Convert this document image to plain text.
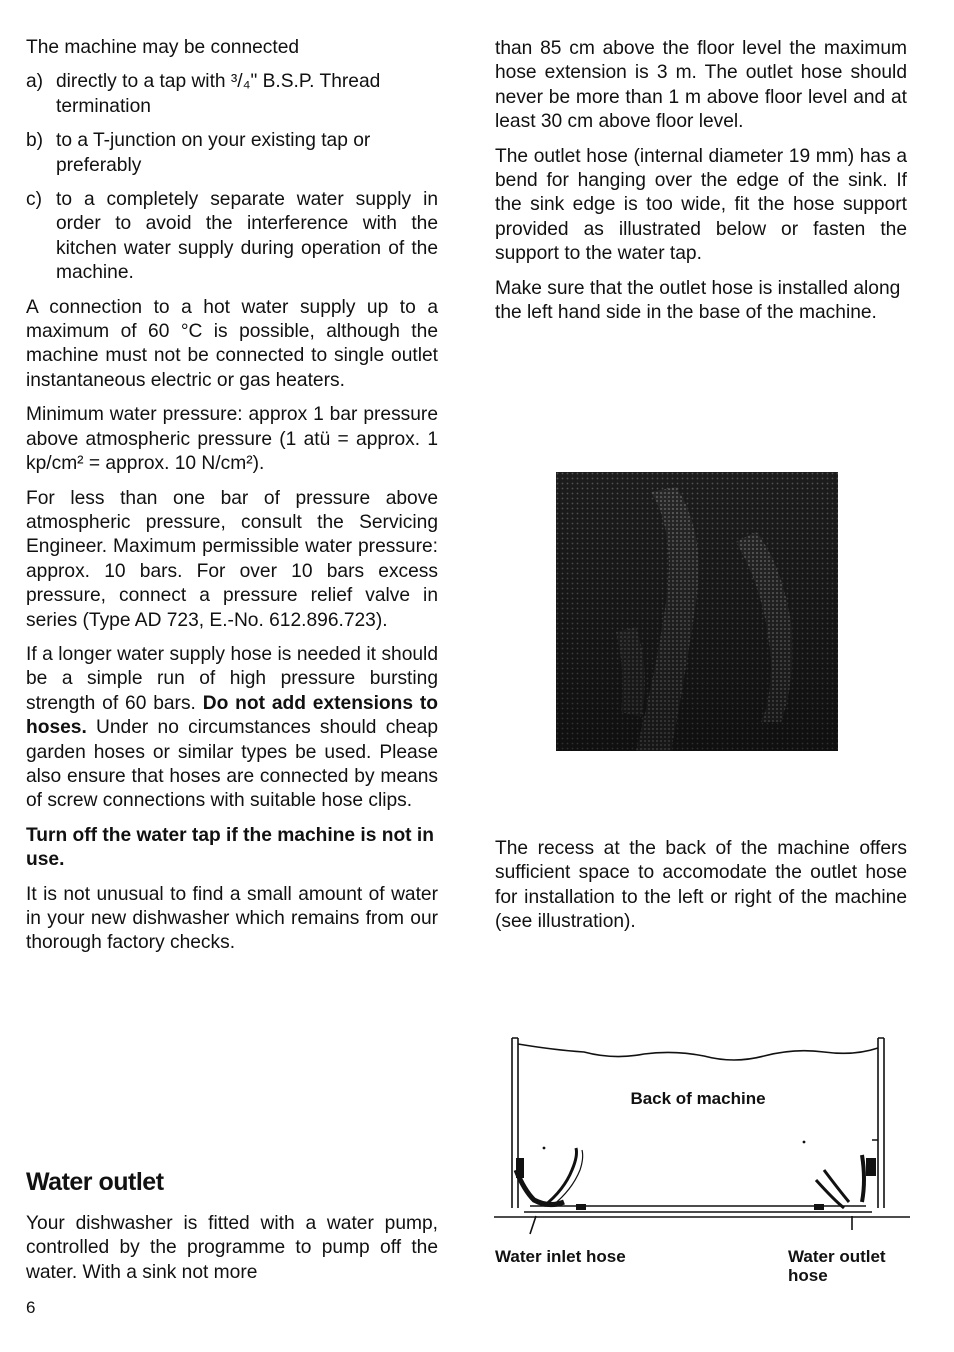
The machine may be connected

a) directly to a tap with ³/₄" B.S.P. Thread termination
b) to a T-junction on your existing tap or preferably
c) to a completely separate water supply in order to avoid the interference with the kitchen water supply during operation of the machine.

A connection to a hot water supply up to a maximum of 60 °C is possible, although the machine must not be connected to single outlet instantaneous electric or gas heaters.

Minimum water pressure: approx 1 bar pressure above atmospheric pressure (1 atü = approx. 1 kp/cm² = approx. 10 N/cm²).

For less than one bar of pressure above atmospheric pressure, consult the Servicing Engineer. Maximum permissible water pressure: approx. 10 bars. For over 10 bars excess pressure, connect a pressure relief valve in series (Type AD 723, E.-No. 612.896.723).

If a longer water supply hose is needed it should be a simple run of high pressure bursting strength of 60 bars. Do not add extensions to hoses. Under no circumstances should cheap garden hoses or similar types be used. Please also ensure that hoses are connected by means of screw connections with suitable hose clips.

Turn off the water tap if the machine is not in use.

It is not unusual to find a small amount of water in your new dishwasher which remains from our thorough factory checks.

Water outlet

Your dishwasher is fitted with a water pump, controlled by the programme to pump off the water. With a sink not more

6

than 85 cm above the floor level the maximum hose extension is 3 m. The outlet hose should never be more than 1 m above floor level and at least 30 cm above floor level.

The outlet hose (internal diameter 19 mm) has a bend for hanging over the edge of the sink. If the sink edge is too wide, fit the hose support provided as illustrated below or fasten the support to the water tap.

Make sure that the outlet hose is installed along the left hand side in the base of the machine.

The recess at the back of the machine offers sufficient space to accomodate the outlet hose for installation to the left or right of the machine (see illustration).

Back of machine
Water inlet hose	Water outlet hose
